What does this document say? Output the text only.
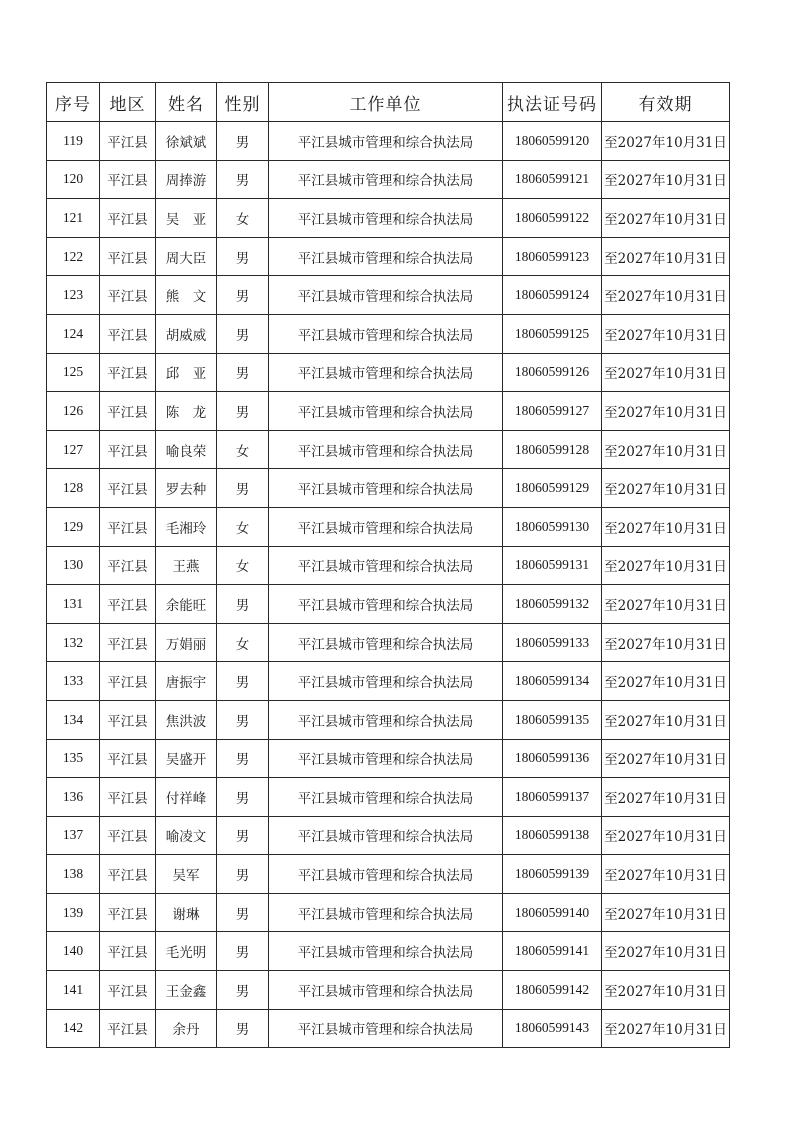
序号	地区	姓名	性别	工作单位	执法证号码	有效期
119	平江县	徐斌斌	男	平江县城市管理和综合执法局	18060599120	至2027年10月31日
120	平江县	周捧游	男	平江县城市管理和综合执法局	18060599121	至2027年10月31日
121	平江县	吴　亚	女	平江县城市管理和综合执法局	18060599122	至2027年10月31日
122	平江县	周大臣	男	平江县城市管理和综合执法局	18060599123	至2027年10月31日
123	平江县	熊　文	男	平江县城市管理和综合执法局	18060599124	至2027年10月31日
124	平江县	胡威威	男	平江县城市管理和综合执法局	18060599125	至2027年10月31日
125	平江县	邱　亚	男	平江县城市管理和综合执法局	18060599126	至2027年10月31日
126	平江县	陈　龙	男	平江县城市管理和综合执法局	18060599127	至2027年10月31日
127	平江县	喻良荣	女	平江县城市管理和综合执法局	18060599128	至2027年10月31日
128	平江县	罗去种	男	平江县城市管理和综合执法局	18060599129	至2027年10月31日
129	平江县	毛湘玲	女	平江县城市管理和综合执法局	18060599130	至2027年10月31日
130	平江县	王燕	女	平江县城市管理和综合执法局	18060599131	至2027年10月31日
131	平江县	余能旺	男	平江县城市管理和综合执法局	18060599132	至2027年10月31日
132	平江县	万娟丽	女	平江县城市管理和综合执法局	18060599133	至2027年10月31日
133	平江县	唐振宇	男	平江县城市管理和综合执法局	18060599134	至2027年10月31日
134	平江县	焦洪波	男	平江县城市管理和综合执法局	18060599135	至2027年10月31日
135	平江县	吴盛开	男	平江县城市管理和综合执法局	18060599136	至2027年10月31日
136	平江县	付祥峰	男	平江县城市管理和综合执法局	18060599137	至2027年10月31日
137	平江县	喻凌文	男	平江县城市管理和综合执法局	18060599138	至2027年10月31日
138	平江县	吴军	男	平江县城市管理和综合执法局	18060599139	至2027年10月31日
139	平江县	谢琳	男	平江县城市管理和综合执法局	18060599140	至2027年10月31日
140	平江县	毛光明	男	平江县城市管理和综合执法局	18060599141	至2027年10月31日
141	平江县	王金鑫	男	平江县城市管理和综合执法局	18060599142	至2027年10月31日
142	平江县	余丹	男	平江县城市管理和综合执法局	18060599143	至2027年10月31日
